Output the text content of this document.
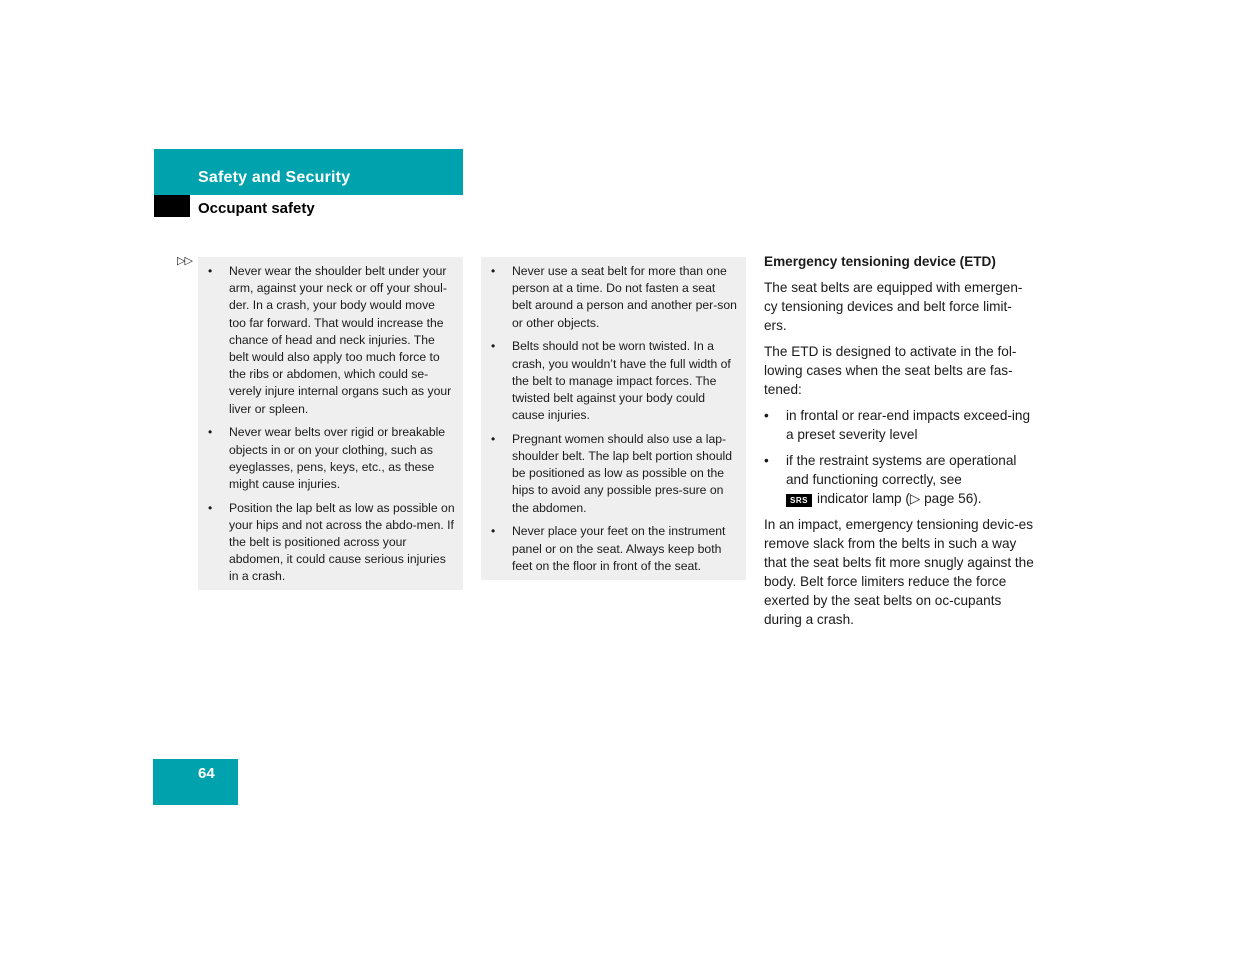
Safety and Security
Occupant safety
▷▷
• Never wear the shoulder belt under your arm, against your neck or off your shoul-der. In a crash, your body would move too far forward. That would increase the chance of head and neck injuries. The belt would also apply too much force to the ribs or abdomen, which could se-verely injure internal organs such as your liver or spleen.
• Never wear belts over rigid or breakable objects in or on your clothing, such as eyeglasses, pens, keys, etc., as these might cause injuries.
• Position the lap belt as low as possible on your hips and not across the abdo-men. If the belt is positioned across your abdomen, it could cause serious injuries in a crash.
• Never use a seat belt for more than one person at a time. Do not fasten a seat belt around a person and another per-son or other objects.
• Belts should not be worn twisted. In a crash, you wouldn’t have the full width of the belt to manage impact forces. The twisted belt against your body could cause injuries.
• Pregnant women should also use a lap-shoulder belt. The lap belt portion should be positioned as low as possible on the hips to avoid any possible pres-sure on the abdomen.
• Never place your feet on the instrument panel or on the seat. Always keep both feet on the floor in front of the seat.
Emergency tensioning device (ETD)

The seat belts are equipped with emergen-cy tensioning devices and belt force limit-ers.

The ETD is designed to activate in the fol-lowing cases when the seat belts are fas-tened:

• in frontal or rear-end impacts exceed-ing a preset severity level
• if the restraint systems are operational and functioning correctly, see
SRS indicator lamp (▷ page 56).

In an impact, emergency tensioning devic-es remove slack from the belts in such a way that the seat belts fit more snugly against the body. Belt force limiters reduce the force exerted by the seat belts on oc-cupants during a crash.

64
